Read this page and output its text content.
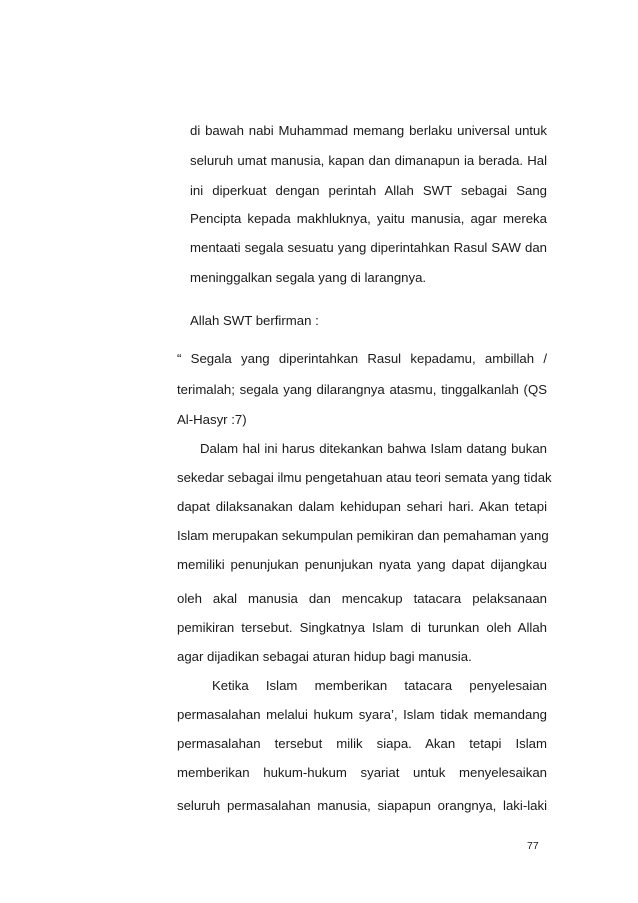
di bawah nabi Muhammad memang berlaku universal untuk
seluruh umat manusia, kapan dan dimanapun ia berada. Hal
ini diperkuat dengan perintah Allah SWT sebagai Sang
Pencipta kepada makhluknya, yaitu manusia, agar mereka
mentaati segala sesuatu yang diperintahkan Rasul SAW dan
meninggalkan segala yang di larangnya.
Allah SWT berfirman :
“ Segala yang diperintahkan Rasul kepadamu, ambillah /
terimalah; segala yang dilarangnya atasmu, tinggalkanlah (QS
Al-Hasyr :7)
Dalam hal ini harus ditekankan bahwa Islam datang bukan
sekedar sebagai ilmu pengetahuan atau teori semata yang tidak
dapat dilaksanakan dalam kehidupan sehari hari. Akan tetapi
Islam merupakan sekumpulan pemikiran dan pemahaman yang
memiliki penunjukan penunjukan nyata yang dapat dijangkau
oleh akal manusia dan mencakup tatacara pelaksanaan
pemikiran tersebut. Singkatnya Islam di turunkan oleh Allah
agar dijadikan sebagai aturan hidup bagi manusia.
Ketika Islam memberikan tatacara penyelesaian
permasalahan melalui hukum syara’, Islam tidak memandang
permasalahan tersebut milik siapa. Akan tetapi Islam
memberikan hukum-hukum syariat untuk menyelesaikan
seluruh permasalahan manusia, siapapun orangnya, laki-laki
77
